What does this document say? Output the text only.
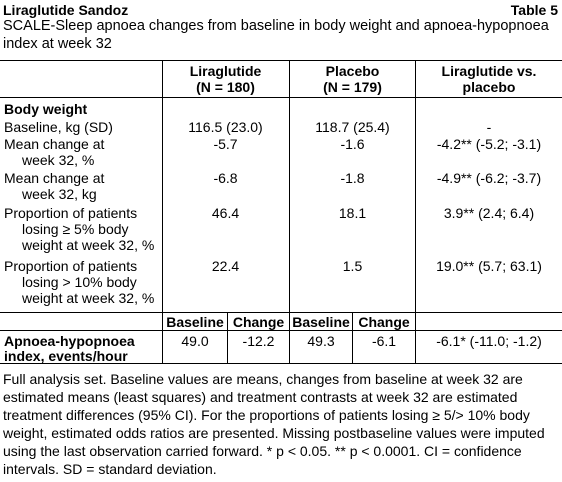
Liraglutide Sandoz	Table 5
SCALE-Sleep apnoea changes from baseline in body weight and apnoea-hypopnoea
index at week 32
Liraglutide
(N = 180)
Placebo
(N = 179)
Liraglutide vs.
placebo
Body weight
Baseline, kg (SD)	116.5 (23.0)	118.7 (25.4)	-
Mean change at
week 32, %
-5.7	-1.6	-4.2** (-5.2; -3.1)
Mean change at
week 32, kg
-6.8	-1.8	-4.9** (-6.2; -3.7)
Proportion of patients
losing ≥ 5% body
weight at week 32, %
46.4	18.1	3.9** (2.4; 6.4)
Proportion of patients
losing > 10% body
weight at week 32, %
22.4	1.5	19.0** (5.7; 63.1)
Baseline Change Baseline Change
Apnoea-hypopnoea
index, events/hour
49.0	-12.2	49.3	-6.1	-6.1* (-11.0; -1.2)

Full analysis set. Baseline values are means, changes from baseline at week 32 are estimated means (least squares) and treatment contrasts at week 32 are estimated treatment differences (95% CI). For the proportions of patients losing ≥ 5/> 10% body weight, estimated odds ratios are presented. Missing postbaseline values were imputed using the last observation carried forward. * p < 0.05. ** p < 0.0001. CI = confidence intervals. SD = standard deviation.
